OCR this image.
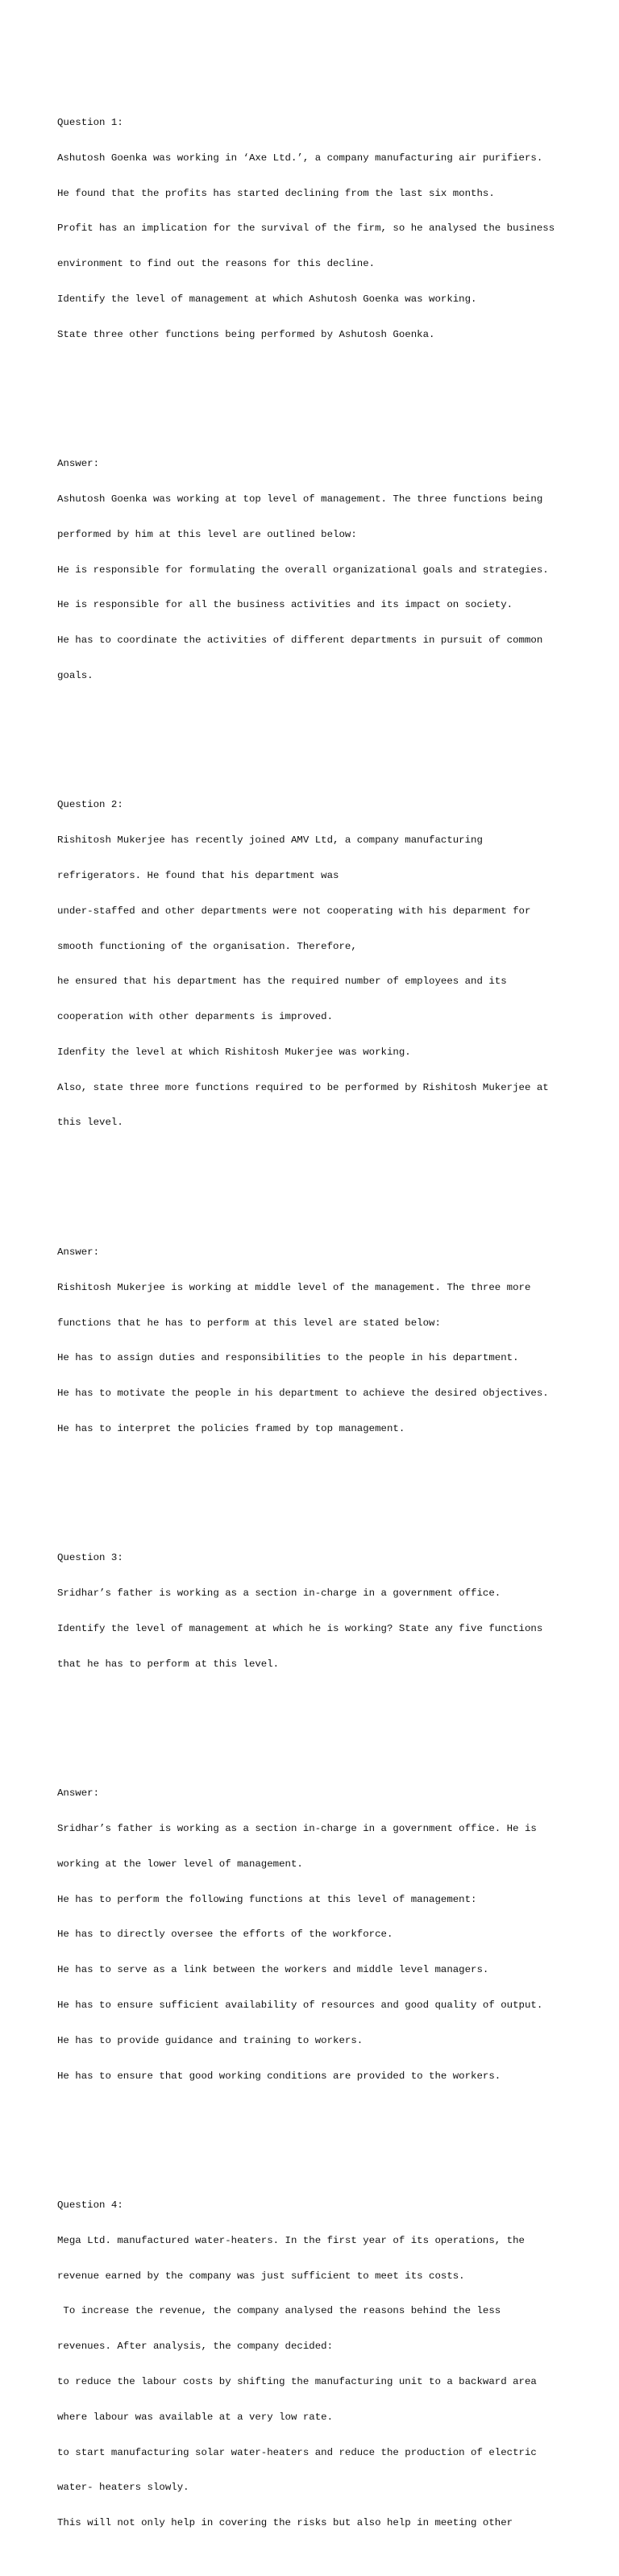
Question 1:

Ashutosh Goenka was working in ‘Axe Ltd.’, a company manufacturing air purifiers.

He found that the profits has started declining from the last six months.

Profit has an implication for the survival of the firm, so he analysed the business

environment to find out the reasons for this decline.

Identify the level of management at which Ashutosh Goenka was working.

State three other functions being performed by Ashutosh Goenka.

Answer:

Ashutosh Goenka was working at top level of management. The three functions being

performed by him at this level are outlined below:

He is responsible for formulating the overall organizational goals and strategies.

He is responsible for all the business activities and its impact on society.

He has to coordinate the activities of different departments in pursuit of common

goals.

Question 2:

Rishitosh Mukerjee has recently joined AMV Ltd, a company manufacturing

refrigerators. He found that his department was

under-staffed and other departments were not cooperating with his deparment for

smooth functioning of the organisation. Therefore,

he ensured that his department has the required number of employees and its

cooperation with other deparments is improved.

Idenfity the level at which Rishitosh Mukerjee was working.

Also, state three more functions required to be performed by Rishitosh Mukerjee at

this level.

Answer:

Rishitosh Mukerjee is working at middle level of the management. The three more

functions that he has to perform at this level are stated below:

He has to assign duties and responsibilities to the people in his department.

He has to motivate the people in his department to achieve the desired objectives.

He has to interpret the policies framed by top management.

Question 3:

Sridhar’s father is working as a section in-charge in a government office.

Identify the level of management at which he is working? State any five functions

that he has to perform at this level.

Answer:

Sridhar’s father is working as a section in-charge in a government office. He is

working at the lower level of management.

He has to perform the following functions at this level of management:

He has to directly oversee the efforts of the workforce.

He has to serve as a link between the workers and middle level managers.

He has to ensure sufficient availability of resources and good quality of output.

He has to provide guidance and training to workers.

He has to ensure that good working conditions are provided to the workers.

Question 4:

Mega Ltd. manufactured water-heaters. In the first year of its operations, the

revenue earned by the company was just sufficient to meet its costs.

To increase the revenue, the company analysed the reasons behind the less

revenues. After analysis, the company decided:

to reduce the labour costs by shifting the manufacturing unit to a backward area

where labour was available at a very low rate.

to start manufacturing solar water-heaters and reduce the production of electric

water- heaters slowly.

This will not only help in covering the risks but also help in meeting other
